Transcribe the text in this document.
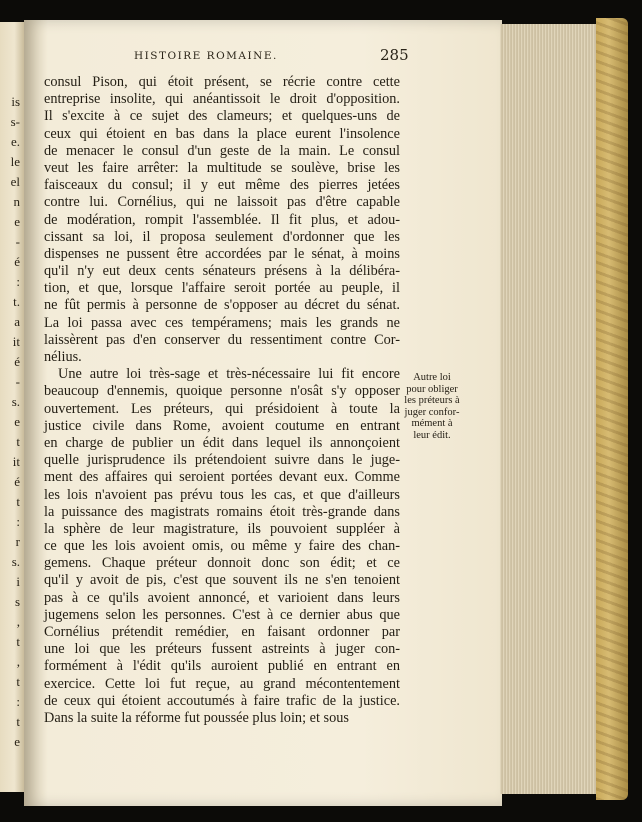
is
s-
e.
le
el
n
e
-
é
:
t.
a
it
é
-
s.
e
t
it
é
t
:
r
s.
i
s
,
t
,
t
:
t
e
HISTOIRE ROMAINE.	285
consul Pison, qui étoit présent, se récrie contre cette
entreprise insolite, qui anéantissoit le droit d'opposition.
Il s'excite à ce sujet des clameurs; et quelques-uns de
ceux qui étoient en bas dans la place eurent l'insolence
de menacer le consul d'un geste de la main. Le consul
veut les faire arrêter: la multitude se soulève, brise les
faisceaux du consul; il y eut même des pierres jetées
contre lui. Cornélius, qui ne laissoit pas d'être capable
de modération, rompit l'assemblée. Il fit plus, et adou-
cissant sa loi, il proposa seulement d'ordonner que les
dispenses ne pussent être accordées par le sénat, à moins
qu'il n'y eut deux cents sénateurs présens à la délibéra-
tion, et que, lorsque l'affaire seroit portée au peuple, il
ne fût permis à personne de s'opposer au décret du sénat.
La loi passa avec ces tempéramens; mais les grands ne
laissèrent pas d'en conserver du ressentiment contre Cor-
nélius.
Une autre loi très-sage et très-nécessaire lui fit encore
beaucoup d'ennemis, quoique personne n'osât s'y opposer
ouvertement. Les préteurs, qui présidoient à toute la
justice civile dans Rome, avoient coutume en entrant
en charge de publier un édit dans lequel ils annonçoient
quelle jurisprudence ils prétendoient suivre dans le juge-
ment des affaires qui seroient portées devant eux. Comme
les lois n'avoient pas prévu tous les cas, et que d'ailleurs
la puissance des magistrats romains étoit très-grande dans
la sphère de leur magistrature, ils pouvoient suppléer à
ce que les lois avoient omis, ou même y faire des chan-
gemens. Chaque préteur donnoit donc son édit; et ce
qu'il y avoit de pis, c'est que souvent ils ne s'en tenoient
pas à ce qu'ils avoient annoncé, et varioient dans leurs
jugemens selon les personnes. C'est à ce dernier abus que
Cornélius prétendit remédier, en faisant ordonner par
une loi que les préteurs fussent astreints à juger con-
formément à l'édit qu'ils auroient publié en entrant en
exercice. Cette loi fut reçue, au grand mécontentement
de ceux qui étoient accoutumés à faire trafic de la justice.
Dans la suite la réforme fut poussée plus loin; et sous
Autre loi
pour obliger
les préteurs à
juger confor-
mément à
leur édit.
